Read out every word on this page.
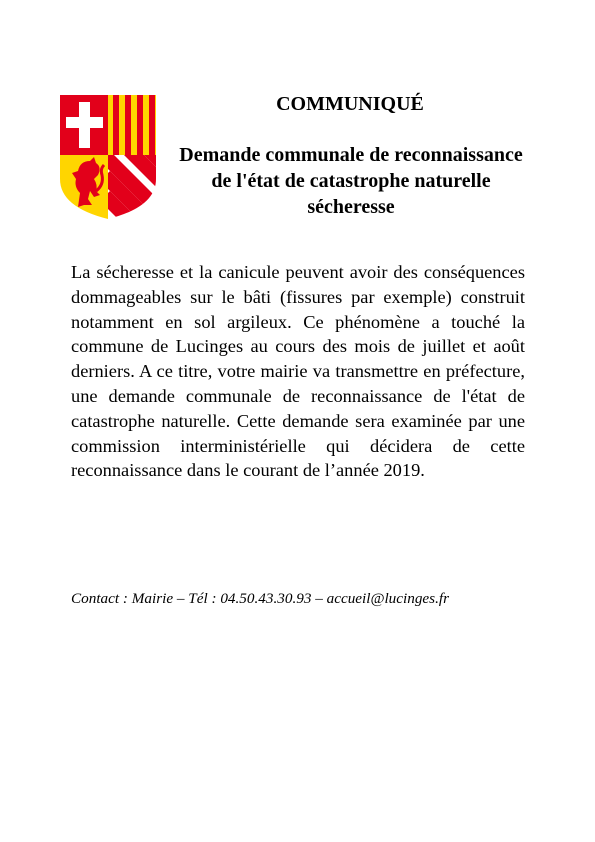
COMMUNIQUÉ
Demande communale de reconnaissance de l'état de catastrophe naturelle sécheresse

La sécheresse et la canicule peuvent avoir des conséquences dommageables sur le bâti (fissures par exemple) construit notamment en sol argileux. Ce phénomène a touché la commune de Lucinges au cours des mois de juillet et août derniers. A ce titre, votre mairie va transmettre en préfecture, une demande communale de reconnaissance de l'état de catastrophe naturelle. Cette demande sera examinée par une commission interministérielle qui décidera de cette reconnaissance dans le courant de l’année 2019.

Contact : Mairie – Tél : 04.50.43.30.93 – accueil@lucinges.fr
